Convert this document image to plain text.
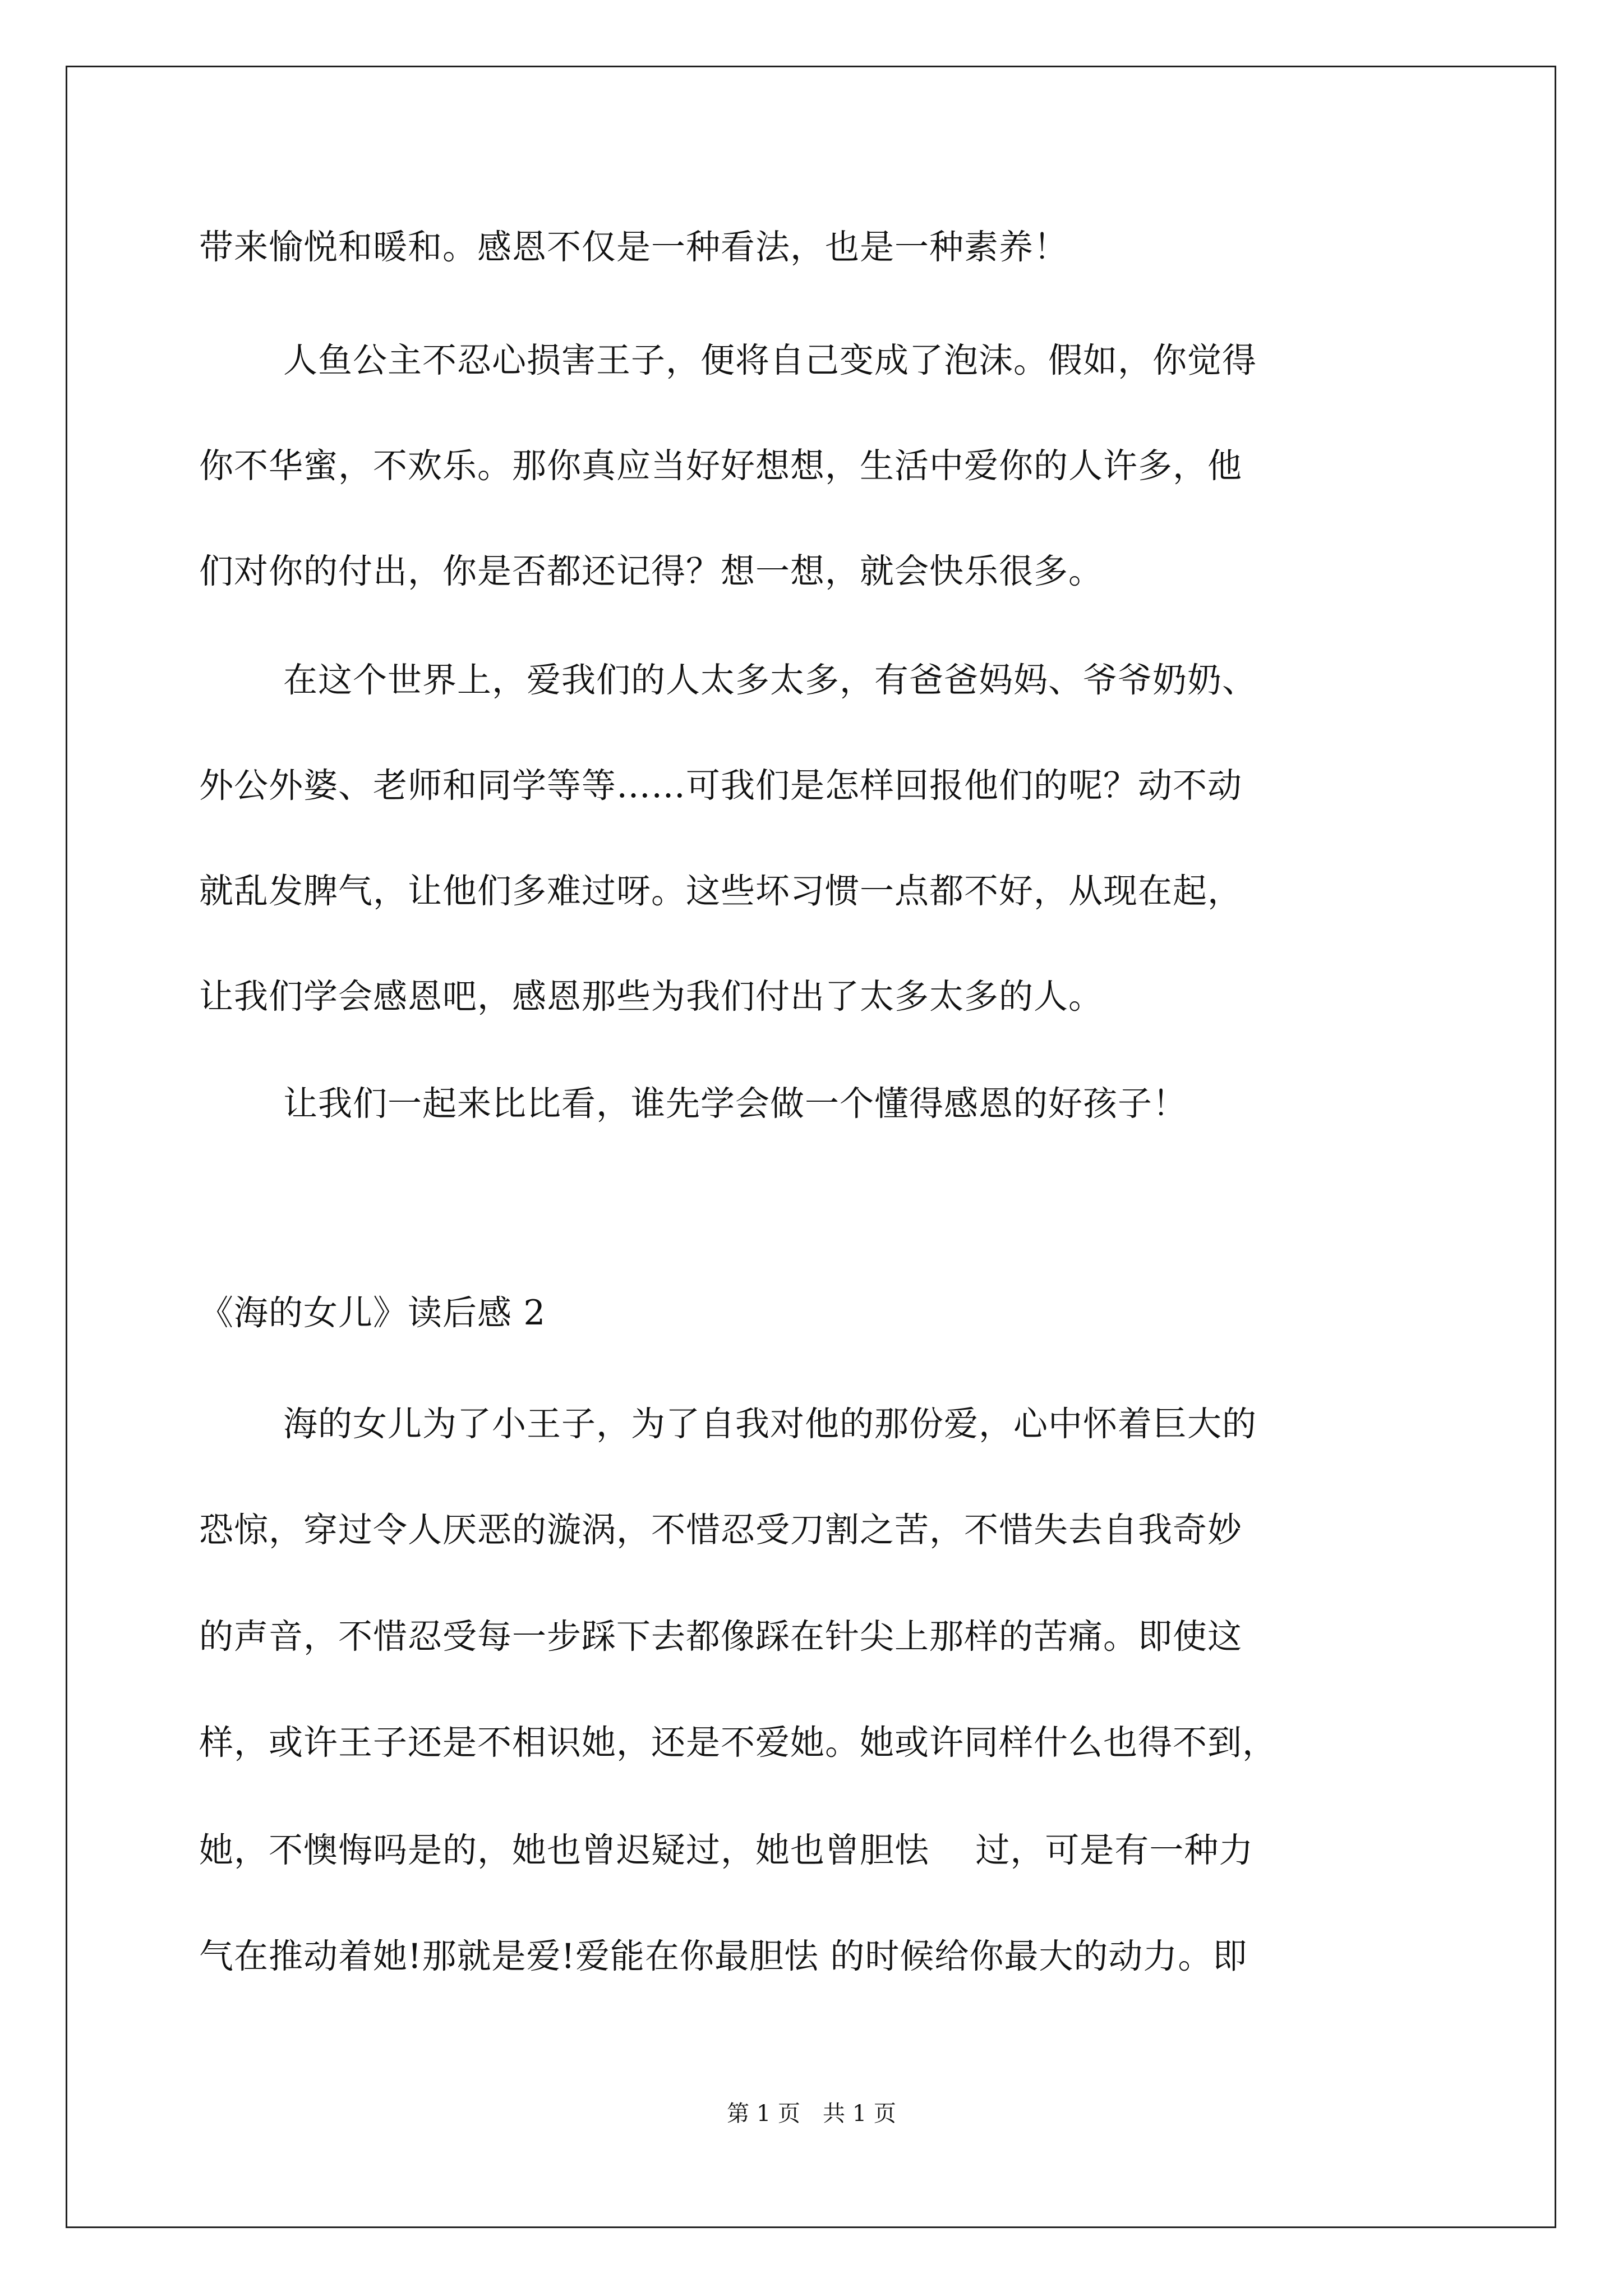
带来愉悦和暖和。感恩不仅是一种看法，也是一种素养！
人鱼公主不忍心损害王子，便将自己变成了泡沫。假如，你觉得
你不华蜜，不欢乐。那你真应当好好想想，生活中爱你的人许多，他
们对你的付出，你是否都还记得？想一想，就会快乐很多。
在这个世界上，爱我们的人太多太多，有爸爸妈妈、爷爷奶奶、
外公外婆、老师和同学等等……可我们是怎样回报他们的呢？动不动
就乱发脾气，让他们多难过呀。这些坏习惯一点都不好，从现在起，
让我们学会感恩吧，感恩那些为我们付出了太多太多的人。
让我们一起来比比看，谁先学会做一个懂得感恩的好孩子！
《海的女儿》读后感 2
海的女儿为了小王子，为了自我对他的那份爱，心中怀着巨大的
恐惊，穿过令人厌恶的漩涡，不惜忍受刀割之苦，不惜失去自我奇妙
的声音，不惜忍受每一步踩下去都像踩在针尖上那样的苦痛。即使这
样，或许王子还是不相识她，还是不爱她。她或许同样什么也得不到，
她，不懊悔吗是的，她也曾迟疑过，她也曾胆怯　 过，可是有一种力
气在推动着她!那就是爱!爱能在你最胆怯 的时候给你最大的动力。即
第 1 页　共 1 页
